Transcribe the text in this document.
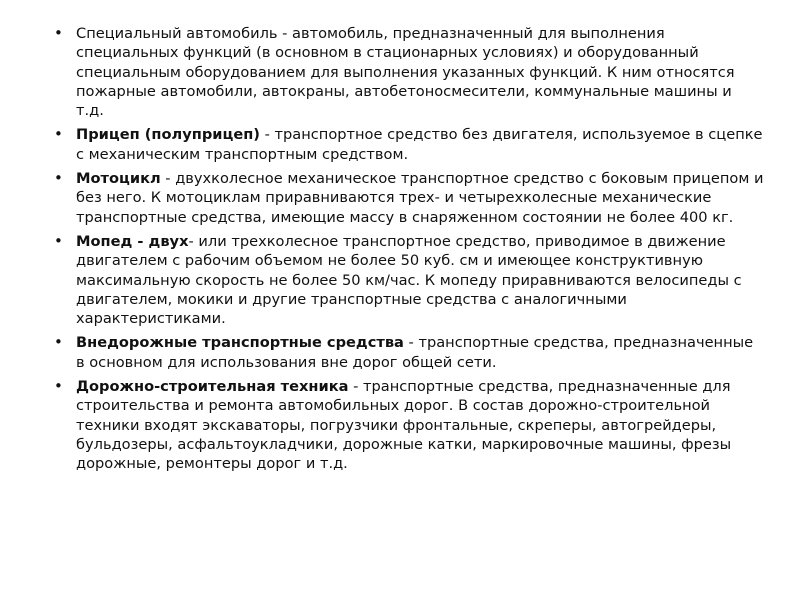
• Специальный автомобиль - автомобиль, предназначенный для выполнения специальных функций (в основном в стационарных условиях) и оборудованный специальным оборудованием для выполнения указанных функций. К ним относятся пожарные автомобили, автокраны, автобетоносмесители, коммунальные машины и т.д.
• Прицеп (полуприцеп) - транспортное средство без двигателя, используемое в сцепке с механическим транспортным средством.
• Мотоцикл - двухколесное механическое транспортное средство с боковым прицепом и без него. К мотоциклам приравниваются трех- и четырехколесные механические транспортные средства, имеющие массу в снаряженном состоянии не более 400 кг.
• Мопед - двух- или трехколесное транспортное средство, приводимое в движение двигателем с рабочим объемом не более 50 куб. см и имеющее конструктивную максимальную скорость не более 50 км/час. К мопеду приравниваются велосипеды с двигателем, мокики и другие транспортные средства с аналогичными характеристиками.
• Внедорожные транспортные средства - транспортные средства, предназначенные в основном для использования вне дорог общей сети.
• Дорожно-строительная техника - транспортные средства, предназначенные для строительства и ремонта автомобильных дорог. В состав дорожно-строительной техники входят экскаваторы, погрузчики фронтальные, скреперы, автогрейдеры, бульдозеры, асфальтоукладчики, дорожные катки, маркировочные машины, фрезы дорожные, ремонтеры дорог и т.д.
